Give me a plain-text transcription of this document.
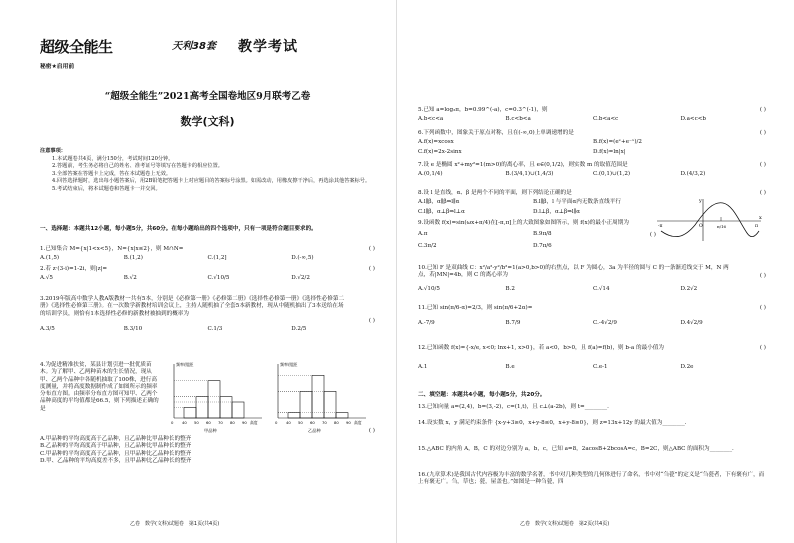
超级全能生	天利38套 教学考试
秘密★启用前
“超级全能生”2021高考全国卷地区9月联考乙卷
数学(文科)
注意事项：
1.本试题卷共4页，满分150分，考试时间120分钟。
2.答题前，考生务必将自己的姓名、准考证号等填写在答题卡的相应位置。
3.全部答案在答题卡上完成，答在本试题卷上无效。
4.回答选择题时，选出每小题答案后，用2B铅笔把答题卡上对应题目的答案标号涂黑。如需改动，用橡皮擦干净后，再选涂其他答案标号。
5.考试结束后，将本试题卷和答题卡一并交回。
一、选择题：本题共12小题，每小题5分，共60分。在每小题给出的四个选项中，只有一项是符合题目要求的。
1.已知集合 M={x|1<x<5}，N={x|x≤2}，则 M∩N=	( )
A.(1,5)	B.(1,2)	C.(1,2]	D.(-∞,5)
2.若 z·(3-i)=1-2i，则|z|=	( )
A.√5	B.√2	C.√10/5	D.√2/2
3.2019年版高中数学人教A版教材一共有5本，分别是《必修第一册》《必修第二册》《选择性必修第一册》《选择性必修第二册》《选择性必修第三册》。在一次数学新教材培训会议上，主持人随机抽了全套5本新教材，现从中随机抽出了3本送给在场的培训学员，则恰有1本选择性必修的新教材被抽到的概率为
( )
A.3/5	B.3/10	C.1/3	D.2/5
4.为促进精准扶贫，某县计划引进一批优质苗木。为了解甲、乙两种苗木的生长情况，现从甲、乙两个品种中各随机抽取了100株，进行高度测量，并将高度数据制作成了如图所示的频率分布直方图。由频率分布直方图可知甲、乙两个品种高度的平均值都是66.5，则下列描述正确的是
( )
A.甲品种的平均高度高于乙品种，且乙品种比甲品种长的整齐
B.乙品种的平均高度高于甲品种，且乙品种比甲品种长的整齐
C.甲品种的平均高度高于乙品种，且甲品种比乙品种长的整齐
D.甲、乙品种的平均高度差不多，且甲品种比乙品种长的整齐
频率/组距
0 40 50 60 70 80 90 高度
甲品种
频率/组距
0 40 50 60 70 80 90 高度
乙品种
乙卷　数学(文科)试题卷　第1页(共4页)
5.已知 a=log₃π，b=0.99^(-a)，c=0.3^(-1)，则	( )
A.b<c<a	B.c<b<a	C.b<a<c	D.a<c<b
6.下列函数中，图象关于原点对称，且在(-∞,0)上单调递增的是	( )
A.f(x)=xcosx	B.f(x)=(eˣ+e⁻ˣ)/2
C.f(x)=2x-2sinx	D.f(x)=ln|x|
7.设 e 是椭圆 x²+my²=1(m>0)的离心率，且 e∈(0,1/2)，则实数 m 的取值范围是	( )
A.(0,1/4)	B.(3/4,1)∪(1,4/3)	C.(0,1)∪(1,2)	D.(4/3,2)
8.设 l 是直线，α、β 是两个不同的平面，则下列结论正确的是
A.l∥β，α∥β⇒l∥α	B.l∥β，l 与平面α内无数条直线平行
C.l∥β，α⊥β⇒l⊥α	D.l⊥β，α⊥β⇒l∥α
( )
9.设函数 f(x)=sin(ωx+π/4)在[-π,π]上的大致图象如图所示，则 f(x)的最小正周期为
A.π	B.9π/8
C.3π/2	D.7π/6
( )
y
x
-π	O	π/16	π
10.已知 F 是双曲线 C：x²/a²-y²/b²=1(a>0,b>0)的右焦点，以 F 为圆心，3a 为半径的圆与 C 的一条渐近线交于 M，N 两点，若|MN|=4b，则 C 的离心率为	( )
A.√10/5	B.2	C.√14	D.2√2
11.已知 sin(π/6-α)=2/3，则 sin(π/6+2α)=	( )
A.-7/9	B.7/9	C.-4√2/9	D.4√2/9
12.已知函数 f(x)={-x/e, x<0; lnx+1, x>0}，若 a<0，b>0，且 f(a)=f(b)，则 b-a 的最小值为	( )
A.1	B.e	C.e-1	D.2e
二、填空题：本题共4小题，每小题5分，共20分。
13.已知向量 a=(2,4)，b=(3,-2)，c=(1,t)，且 c⊥(a-2b)，则 t=________.
14.设实数 x，y 满足约束条件 {x-y+3≥0，x+y-8≤0，x+y-8≥0}，则 z=13x+12y 的最大值为________.
15.△ABC 的内角 A，B，C 的对边分别为 a，b，c，已知 a=8，2acosB+2bcosA=c，B=2C，则△ABC 的面积为________.
16.(九章算术)是我国古代内容极为丰富的数学名著，书中对几种类型的几何体进行了命名，书中对“刍甍”的定义是“刍甍者，下有褒有广，而上有褒无广。刍，草也；甍，屋盖也。”如图是一种刍甍，四
乙卷　数学(文科)试题卷　第2页(共4页)
